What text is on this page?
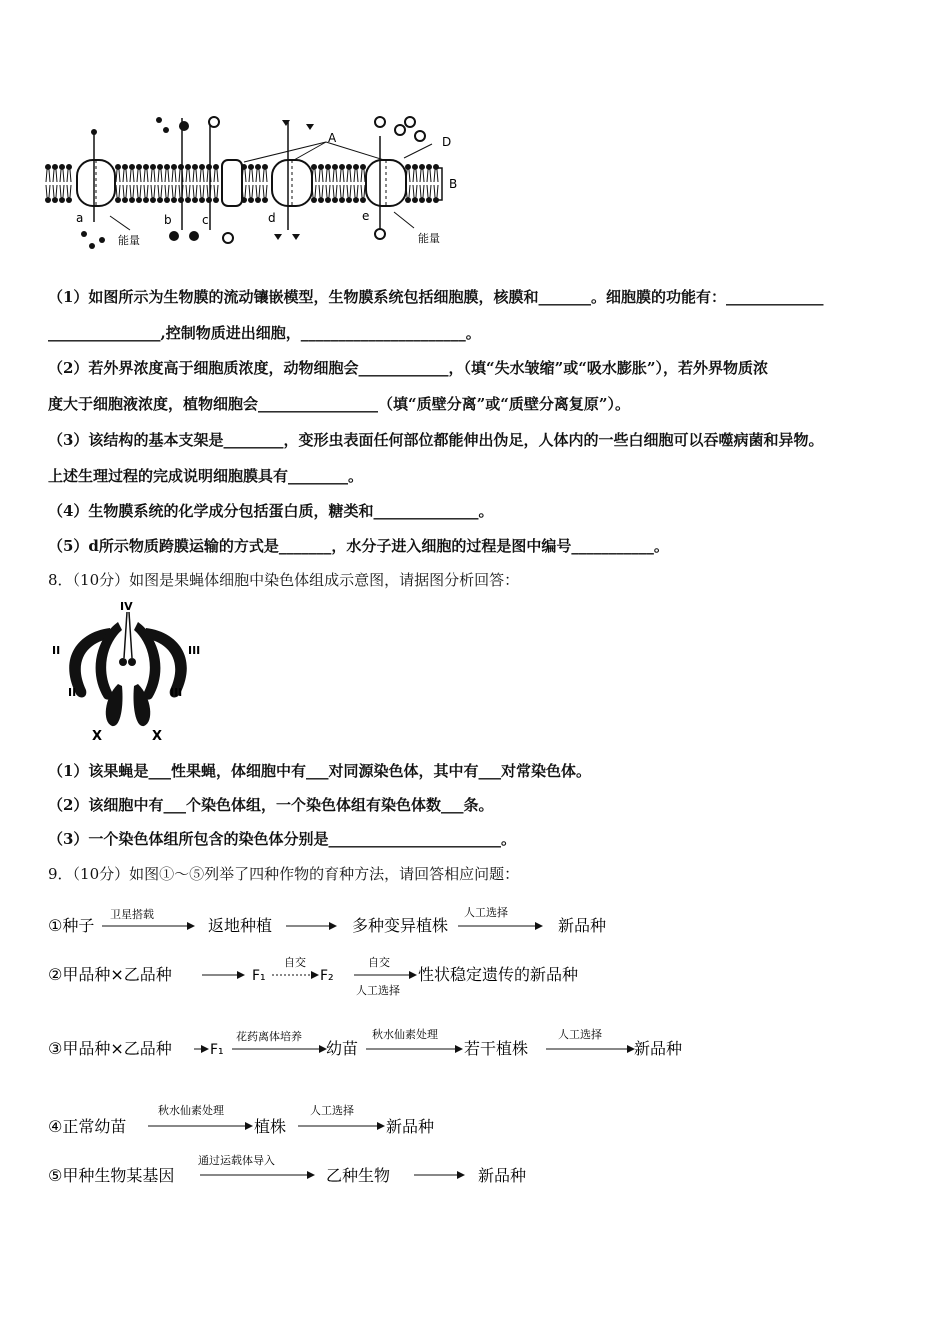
A
B
D
a	b	c	d	e
能量	能量
（1）如图所示为生物膜的流动镶嵌模型，生物膜系统包括细胞膜，核膜和_______。细胞膜的功能有：_____________
_______________,控制物质进出细胞，______________________。
（2）若外界浓度高于细胞质浓度，动物细胞会____________，（填“失水皱缩”或“吸水膨胀”），若外界物质浓
度大于细胞液浓度，植物细胞会________________（填“质壁分离”或“质壁分离复原”）。
（3）该结构的基本支架是________，变形虫表面任何部位都能伸出伪足，人体内的一些白细胞可以吞噬病菌和异物。
上述生理过程的完成说明细胞膜具有________。
（4）生物膜系统的化学成分包括蛋白质，糖类和______________。
（5）d所示物质跨膜运输的方式是_______，水分子进入细胞的过程是图中编号___________。
8．（10分）如图是果蝇体细胞中染色体组成示意图，请据图分析回答：
IV
II	III
II	III
X	X
（1）该果蝇是___性果蝇，体细胞中有___对同源染色体，其中有___对常染色体。
（2）该细胞中有___个染色体组，一个染色体组有染色体数___条。
（3）一个染色体组所包含的染色体分别是_______________________。
9．（10分）如图①～⑤列举了四种作物的育种方法，请回答相应问题：
①种子
卫星搭载
返地种植	多种变异植株
人工选择
新品种
②甲品种×乙品种	F₁
自交
F₂
自交
人工选择
性状稳定遗传的新品种
③甲品种×乙品种	F₁
花药离体培养
幼苗
秋水仙素处理
若干植株
人工选择
新品种
④正常幼苗
秋水仙素处理
植株
人工选择
新品种
⑤甲种生物某基因
通过运载体导入
乙种生物	新品种
